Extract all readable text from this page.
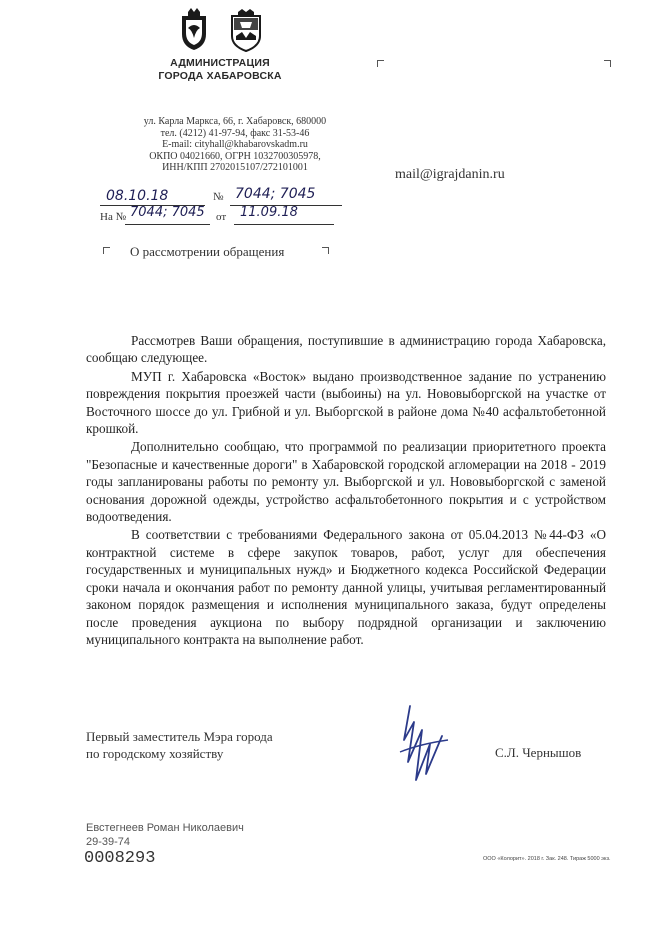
АДМИНИСТРАЦИЯ
ГОРОДА ХАБАРОВСКА
ул. Карла Маркса, 66, г. Хабаровск, 680000
тел. (4212) 41-97-94, факс 31-53-46
E-mail: cityhall@khabarovskadm.ru
ОКПО 04021660, ОГРН 1032700305978,
ИНН/КПП 2702015107/272101001
08.10.18	№ 7044; 7045
На № 7044; 7045 от 11.09.18
mail@igrajdanin.ru
О рассмотрении обращения

Рассмотрев Ваши обращения, поступившие в администрацию города Хабаровска, сообщаю следующее.

МУП г. Хабаровска «Восток» выдано производственное задание по устранению повреждения покрытия проезжей части (выбоины) на ул. Нововыборгской на участке от Восточного шоссе до ул. Грибной и ул. Выборгской в районе дома №40 асфальтобетонной крошкой.

Дополнительно сообщаю, что программой по реализации приоритетного проекта "Безопасные и качественные дороги" в Хабаровской городской агломерации на 2018 - 2019 годы запланированы работы по ремонту ул. Выборгской и ул. Нововыборгской с заменой основания дорожной одежды, устройство асфальтобетонного покрытия и с устройством водоотведения.

В соответствии с требованиями Федерального закона от 05.04.2013 №44-ФЗ «О контрактной системе в сфере закупок товаров, работ, услуг для обеспечения государственных и муниципальных нужд» и Бюджетного кодекса Российской Федерации сроки начала и окончания работ по ремонту данной улицы, учитывая регламентированный законом порядок размещения и исполнения муниципального заказа, будут определены после проведения аукциона по выбору подрядной организации и заключению муниципального контракта на выполнение работ.

Первый заместитель Мэра города
по городскому хозяйству	С.Л. Чернышов
Евстегнеев Роман Николаевич
29-39-74
0008293	ООО «Колорит». 2018 г. Зак. 248. Тираж 5000 экз.
